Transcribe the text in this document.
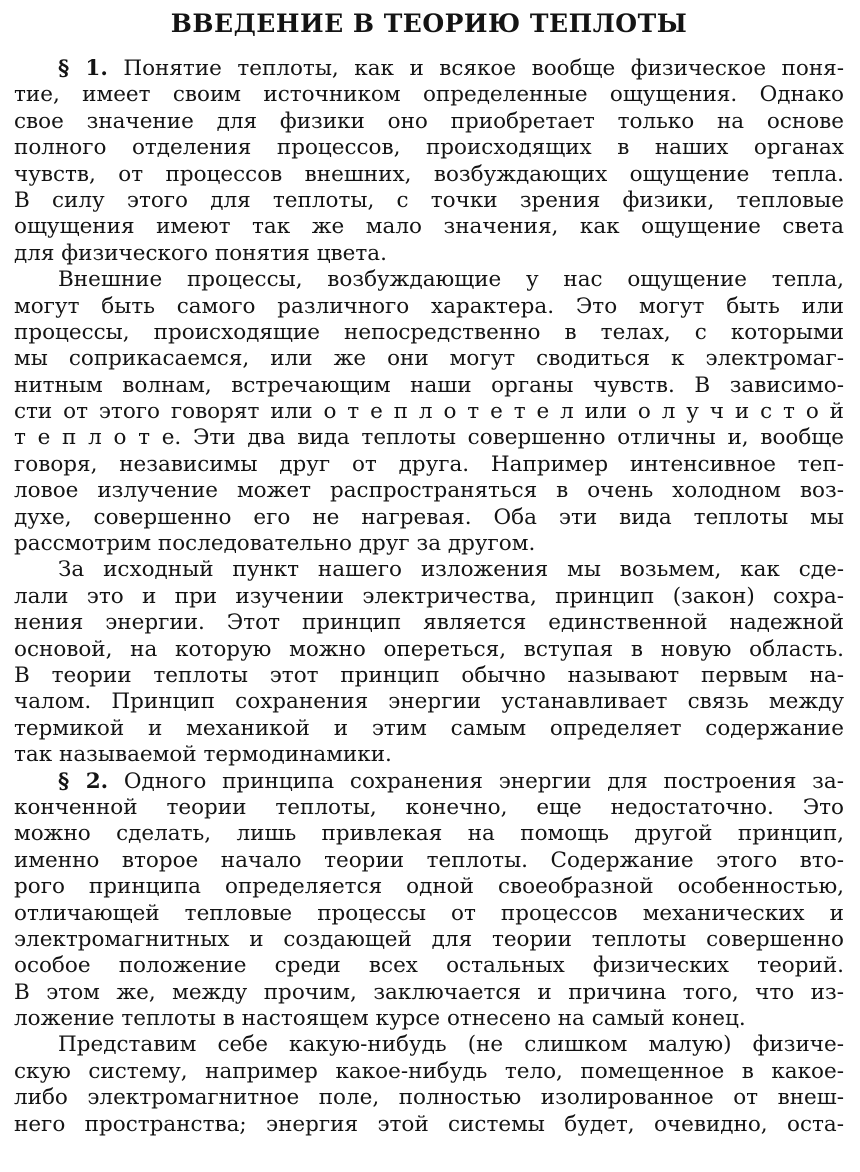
ВВЕДЕНИЕ В ТЕОРИЮ ТЕПЛОТЫ
§ 1. Понятие теплоты, как и всякое вообще физическое поня-
тие, имеет своим источником определенные ощущения. Однако
свое значение для физики оно приобретает только на основе
полного отделения процессов, происходящих в наших органах
чувств, от процессов внешних, возбуждающих ощущение тепла.
В силу этого для теплоты, с точки зрения физики, тепловые
ощущения имеют так же мало значения, как ощущение света
для физического понятия цвета.
Внешние процессы, возбуждающие у нас ощущение тепла,
могут быть самого различного характера. Это могут быть или
процессы, происходящие непосредственно в телах, с которыми
мы соприкасаемся, или же они могут сводиться к электромаг-
нитным волнам, встречающим наши органы чувств. В зависимо-
сти от этого говорят или о т е п л о т е т е л или о л у ч и с т о й
т е п л о т е. Эти два вида теплоты совершенно отличны и, вообще
говоря, независимы друг от друга. Например интенсивное теп-
ловое излучение может распространяться в очень холодном воз-
духе, совершенно его не нагревая. Оба эти вида теплоты мы
рассмотрим последовательно друг за другом.
За исходный пункт нашего изложения мы возьмем, как сде-
лали это и при изучении электричества, принцип (закон) сохра-
нения энергии. Этот принцип является единственной надежной
основой, на которую можно опереться, вступая в новую область.
В теории теплоты этот принцип обычно называют первым на-
чалом. Принцип сохранения энергии устанавливает связь между
термикой и механикой и этим самым определяет содержание
так называемой термодинамики.
§ 2. Одного принципа сохранения энергии для построения за-
конченной теории теплоты, конечно, еще недостаточно. Это
можно сделать, лишь привлекая на помощь другой принцип,
именно второе начало теории теплоты. Содержание этого вто-
рого принципа определяется одной своеобразной особенностью,
отличающей тепловые процессы от процессов механических и
электромагнитных и создающей для теории теплоты совершенно
особое положение среди всех остальных физических теорий.
В этом же, между прочим, заключается и причина того, что из-
ложение теплоты в настоящем курсе отнесено на самый конец.
Представим себе какую-нибудь (не слишком малую) физиче-
скую систему, например какое-нибудь тело, помещенное в какое-
либо электромагнитное поле, полностью изолированное от внеш-
него пространства; энергия этой системы будет, очевидно, оста-
